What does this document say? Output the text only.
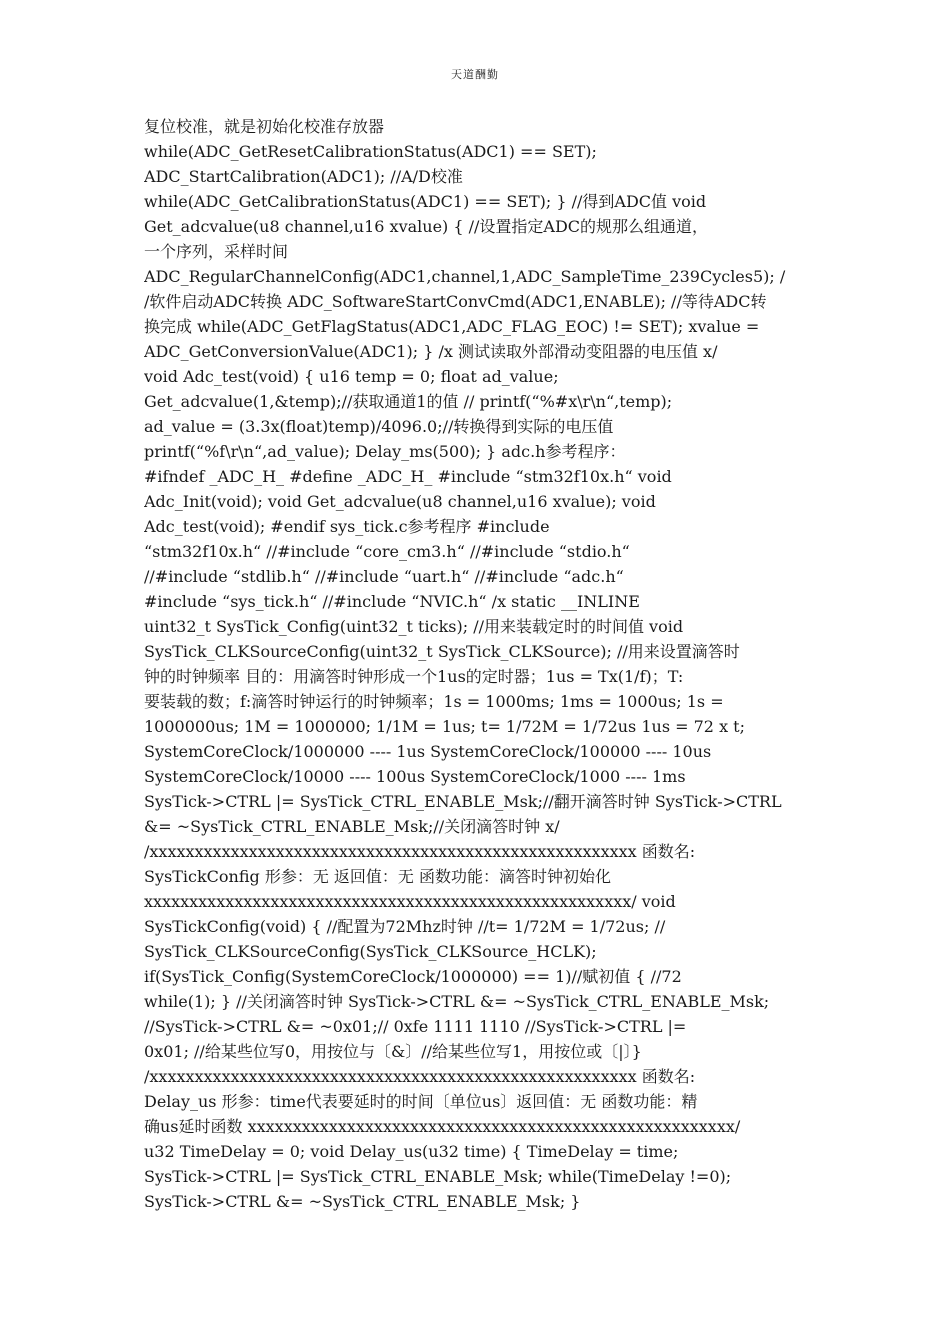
天道酬勤
复位校准，就是初始化校准存放器
while(ADC_GetResetCalibrationStatus(ADC1) == SET);
ADC_StartCalibration(ADC1); //A/D校准
while(ADC_GetCalibrationStatus(ADC1) == SET); } //得到ADC值 void
Get_adcvalue(u8 channel,u16 xvalue) { //设置指定ADC的规那么组通道，
一个序列，采样时间
ADC_RegularChannelConfig(ADC1,channel,1,ADC_SampleTime_239Cycles5); /
/软件启动ADC转换 ADC_SoftwareStartConvCmd(ADC1,ENABLE); //等待ADC转
换完成 while(ADC_GetFlagStatus(ADC1,ADC_FLAG_EOC) != SET); xvalue =
ADC_GetConversionValue(ADC1); } /x 测试读取外部滑动变阻器的电压值 x/
void Adc_test(void) { u16 temp = 0; float ad_value;
Get_adcvalue(1,&temp);//获取通道1的值 // printf(“%#x\r\n“,temp);
ad_value = (3.3x(float)temp)/4096.0;//转换得到实际的电压值
printf(“%f\r\n“,ad_value); Delay_ms(500); } adc.h参考程序：
#ifndef _ADC_H_ #define _ADC_H_ #include “stm32f10x.h“ void
Adc_Init(void); void Get_adcvalue(u8 channel,u16 xvalue); void
Adc_test(void); #endif sys_tick.c参考程序 #include
“stm32f10x.h“ //#include “core_cm3.h“ //#include “stdio.h“
//#include “stdlib.h“ //#include “uart.h“ //#include “adc.h“
#include “sys_tick.h“ //#include “NVIC.h“ /x static __INLINE
uint32_t SysTick_Config(uint32_t ticks); //用来装载定时的时间值 void
SysTick_CLKSourceConfig(uint32_t SysTick_CLKSource); //用来设置滴答时
钟的时钟频率 目的：用滴答时钟形成一个1us的定时器；1us = Tx(1/f)；T:
要装载的数；f:滴答时钟运行的时钟频率；1s = 1000ms; 1ms = 1000us; 1s =
1000000us; 1M = 1000000; 1/1M = 1us; t= 1/72M = 1/72us 1us = 72 x t;
SystemCoreClock/1000000 ---- 1us SystemCoreClock/100000 ---- 10us
SystemCoreClock/10000 ---- 100us SystemCoreClock/1000 ---- 1ms
SysTick->CTRL |= SysTick_CTRL_ENABLE_Msk;//翻开滴答时钟 SysTick->CTRL
&= ~SysTick_CTRL_ENABLE_Msk;//关闭滴答时钟 x/
/xxxxxxxxxxxxxxxxxxxxxxxxxxxxxxxxxxxxxxxxxxxxxxxxxxxxxx 函数名:
SysTickConfig 形参：无 返回值：无 函数功能：滴答时钟初始化
xxxxxxxxxxxxxxxxxxxxxxxxxxxxxxxxxxxxxxxxxxxxxxxxxxxxxx/ void
SysTickConfig(void) { //配置为72Mhz时钟 //t= 1/72M = 1/72us; //
SysTick_CLKSourceConfig(SysTick_CLKSource_HCLK);
if(SysTick_Config(SystemCoreClock/1000000) == 1)//赋初值 { //72
while(1); } //关闭滴答时钟 SysTick->CTRL &= ~SysTick_CTRL_ENABLE_Msk;
//SysTick->CTRL &= ~0x01;// 0xfe 1111 1110 //SysTick->CTRL |=
0x01; //给某些位写0，用按位与〔&〕//给某些位写1，用按位或〔|〕}
/xxxxxxxxxxxxxxxxxxxxxxxxxxxxxxxxxxxxxxxxxxxxxxxxxxxxxx 函数名:
Delay_us 形参：time代表要延时的时间〔单位us〕返回值：无 函数功能：精
确us延时函数 xxxxxxxxxxxxxxxxxxxxxxxxxxxxxxxxxxxxxxxxxxxxxxxxxxxxxx/
u32 TimeDelay = 0; void Delay_us(u32 time) { TimeDelay = time;
SysTick->CTRL |= SysTick_CTRL_ENABLE_Msk; while(TimeDelay !=0);
SysTick->CTRL &= ~SysTick_CTRL_ENABLE_Msk; }
